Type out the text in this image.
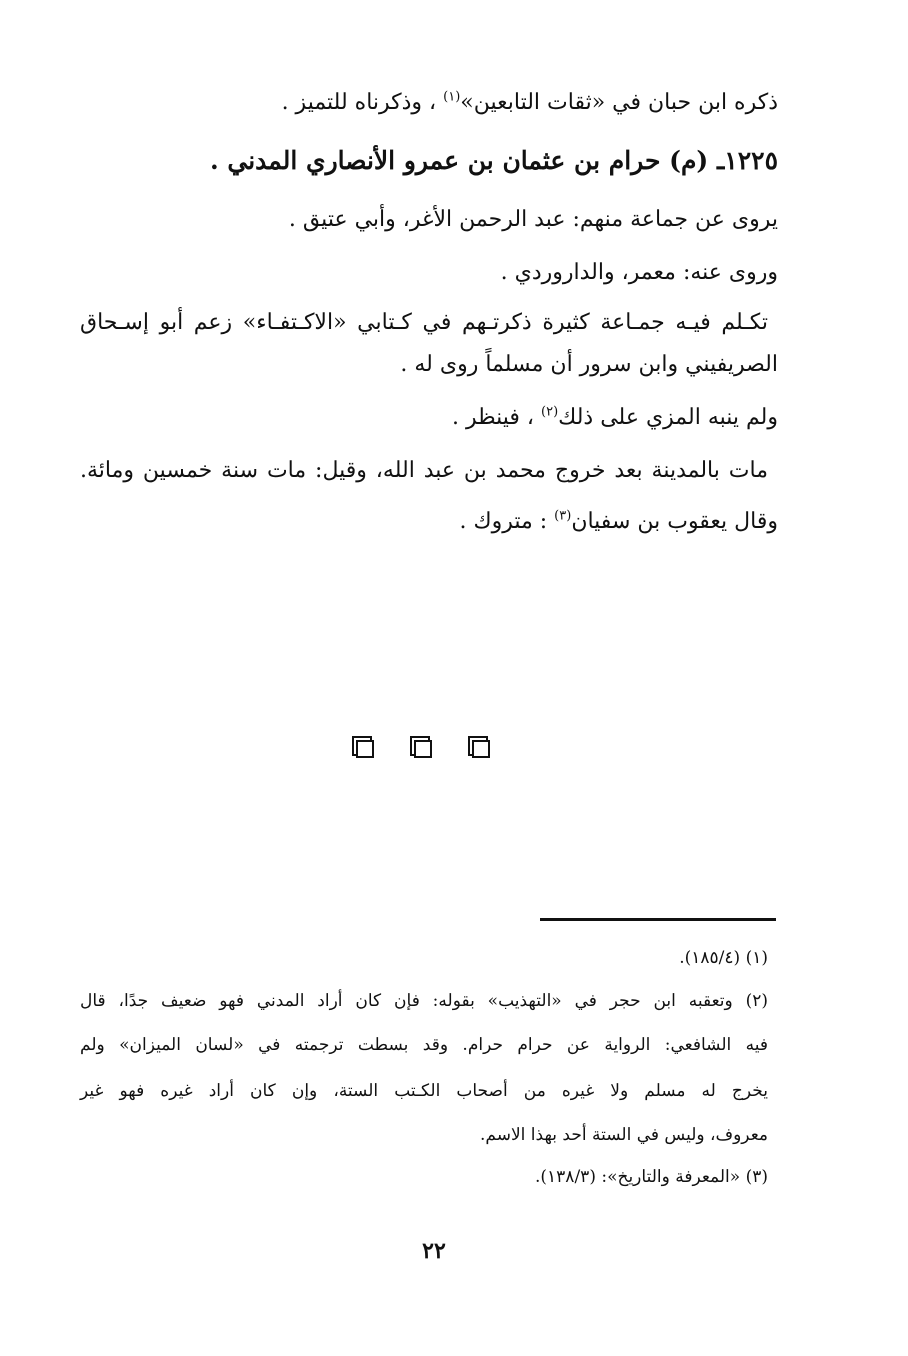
ذكره ابن حبان في «ثقات التابعين»$^{(١)}$ ، وذكرناه للتميز .
١٢٢٥ـ (م) حرام بن عثمان بن عمرو الأنصاري المدني .
يروى عن جماعة منهم: عبد الرحمن الأغر، وأبي عتيق .
وروى عنه: معمر، والداروردي .
تكـلم فيـه جمـاعة كثيرة ذكرتـهم في كـتابي «الاكـتفـاء» زعم أبو إسـحاق
الصريفيني وابن سرور أن مسلماً روى له .
ولم ينبه المزي على ذلك$^{(٢)}$ ، فينظر .
مات بالمدينة بعد خروج محمد بن عبد الله، وقيل: مات سنة خمسين ومائة.
وقال يعقوب بن سفيان$^{(٣)}$ : متروك .
(١) (١٨٥/٤).
(٢) وتعقبه ابن حجر في «التهذيب» بقوله: فإن كان أراد المدني فهو ضعيف جدًا، قال
فيه الشافعي: الرواية عن حرام حرام. وقد بسطت ترجمته في «لسان الميزان» ولم
يخرج له مسلم ولا غيره من أصحاب الكـتب الستة، وإن كان أراد غيره فهو غير
معروف، وليس في الستة أحد بهذا الاسم.
(٣) «المعرفة والتاريخ»: (١٣٨/٣).
٢٢
